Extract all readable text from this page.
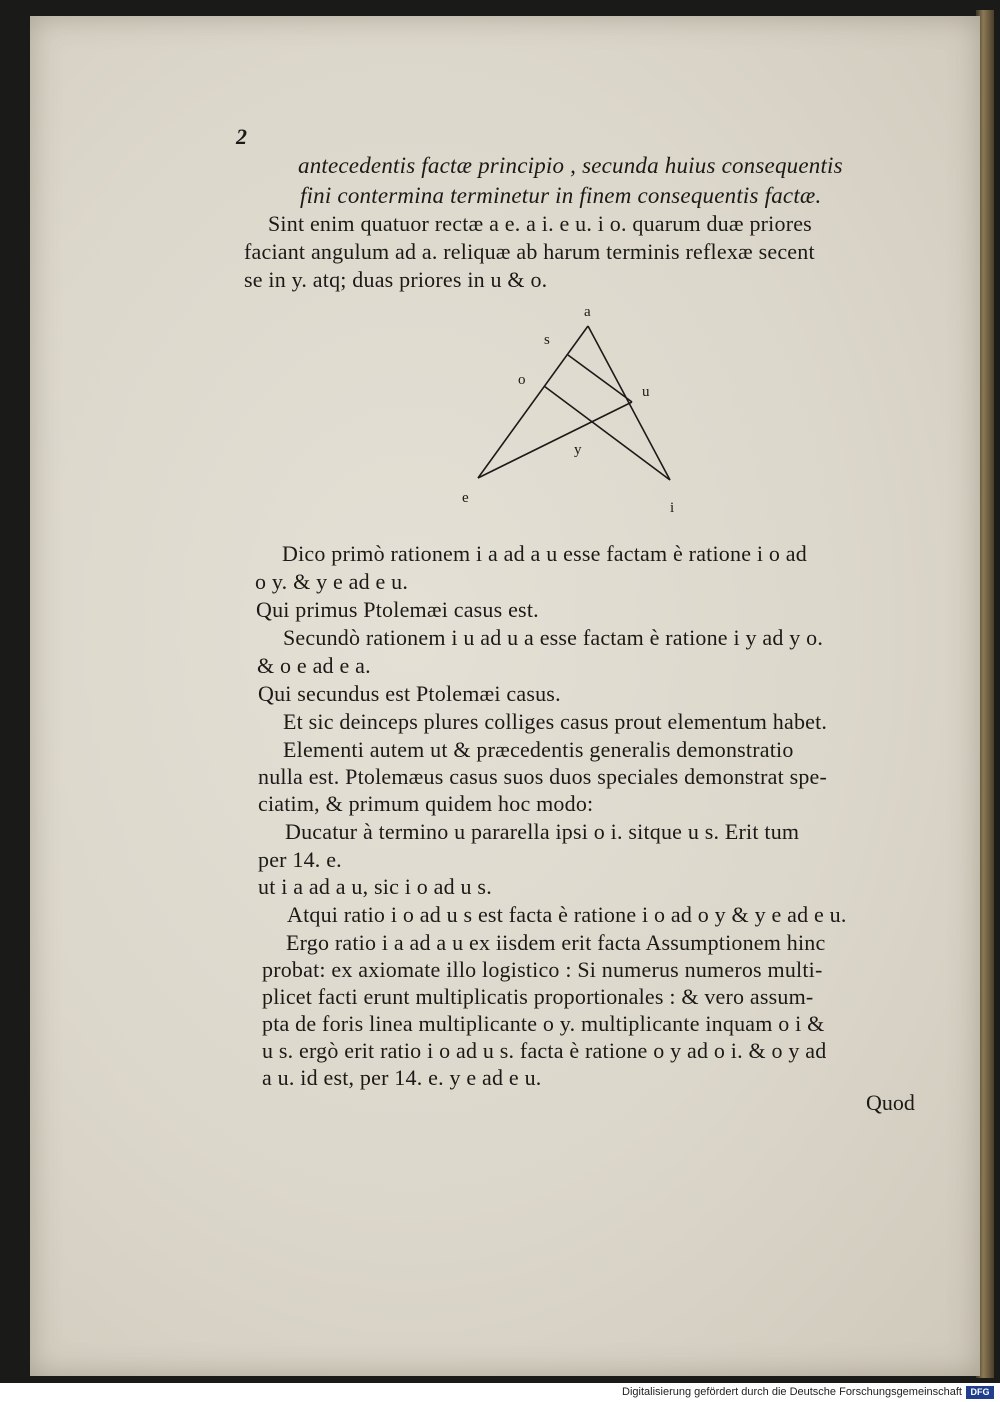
2
antecedentis factæ principio , secunda huius consequentis
fini contermina terminetur in finem consequentis factæ.
Sint enim quatuor rectæ a e. a i. e u. i o. quarum duæ priores
faciant angulum ad a. reliquæ ab harum terminis reflexæ secent
se in y. atq; duas priores in u & o.
a
s
o
u
y
e
i
Dico primò rationem i a ad a u esse factam è ratione i o ad
o y. & y e ad e u.
Qui primus Ptolemæi casus est.
Secundò rationem i u ad u a esse factam è ratione i y ad y o.
& o e ad e a.
Qui secundus est Ptolemæi casus.
Et sic deinceps plures colliges casus prout elementum habet.
Elementi autem ut & præcedentis generalis demonstratio
nulla est. Ptolemæus casus suos duos speciales demonstrat spe-
ciatim, & primum quidem hoc modo:
Ducatur à termino u pararella ipsi o i. sitque u s. Erit tum
per 14. e.
ut i a ad a u, sic i o ad u s.
Atqui ratio i o ad u s est facta è ratione i o ad o y & y e ad e u.
Ergo ratio i a ad a u ex iisdem erit facta Assumptionem hinc
probat: ex axiomate illo logistico : Si numerus numeros multi-
plicet facti erunt multiplicatis proportionales : & vero assum-
pta de foris linea multiplicante o y. multiplicante inquam o i &
u s. ergò erit ratio i o ad u s. facta è ratione o y ad o i. & o y ad
a u. id est, per 14. e. y e ad e u.
Quod
Digitalisierung gefördert durch die Deutsche Forschungsgemeinschaft DFG
